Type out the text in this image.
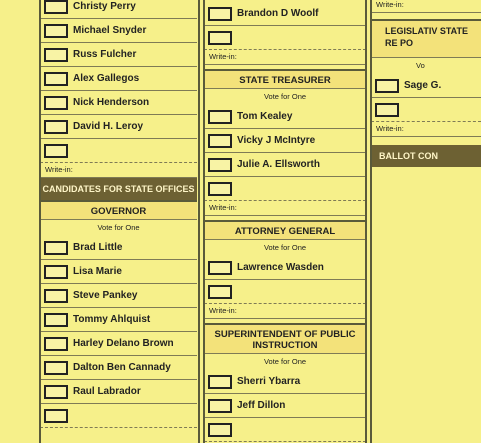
Christy Perry
Michael Snyder
Russ Fulcher
Alex Gallegos
Nick Henderson
David H. Leroy
Write-in:
CANDIDATES FOR STATE OFFICES
GOVERNOR
Vote for One
Brad Little
Lisa Marie
Steve Pankey
Tommy Ahlquist
Harley Delano Brown
Dalton Ben Cannady
Raul Labrador
Brandon D Woolf
Write-in:
STATE TREASURER
Vote for One
Tom Kealey
Vicky J McIntyre
Julie A. Ellsworth
Write-in:
ATTORNEY GENERAL
Vote for One
Lawrence Wasden
Write-in:
SUPERINTENDENT OF PUBLIC INSTRUCTION
Vote for One
Sherri Ybarra
Jeff Dillon
Write-in:
LEGISLATIV STATE RE PO
Vo
Sage G.
Write-in:
BALLOT CON
